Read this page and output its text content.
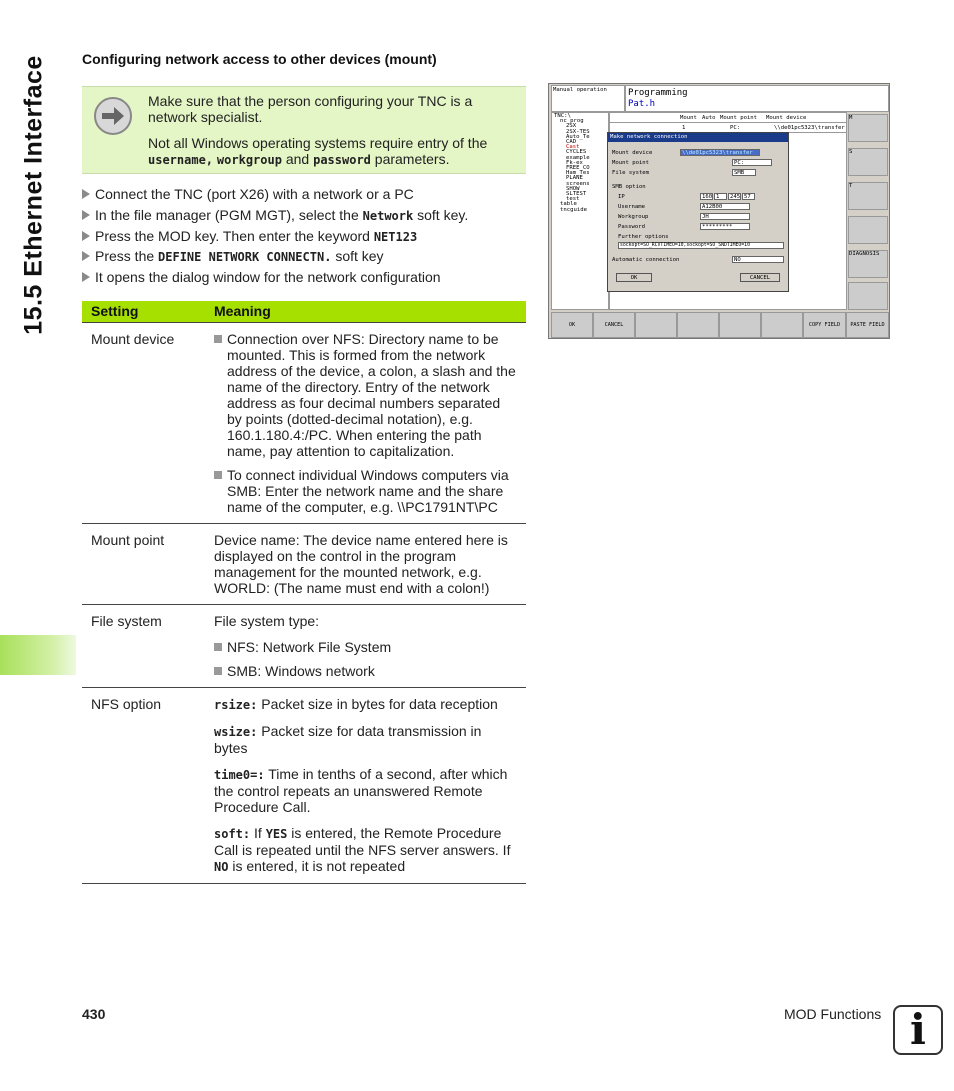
15.5 Ethernet Interface Configuring network access to other devices (mount)

Make sure that the person configuring your TNC is a network specialist.

Not all Windows operating systems require entry of the username, workgroup and password parameters.

Connect the TNC (port X26) with a network or a PC
In the file manager (PGM MGT), select the Network soft key.
Press the MOD key. Then enter the keyword NET123
Press the DEFINE NETWORK CONNECTN. soft key
It opens the dialog window for the network configuration
Setting	Meaning
Mount device	Connection over NFS: Directory name to be mounted. This is formed from the network address of the device, a colon, a slash and the name of the directory. Entry of the network address as four decimal numbers separated by points (dotted-decimal notation), e.g. 160.1.180.4:/PC. When entering the path name, pay attention to capitalization.
To connect individual Windows computers via SMB: Enter the network name and the share name of the computer, e.g. \\PC1791NT\PC
Mount point	Device name: The device name entered here is displayed on the control in the program management for the mounted network, e.g. WORLD: (The name must end with a colon!)
File system	File system type:
NFS: Network File System
SMB: Windows network
NFS option	rsize: Packet size in bytes for data reception
wsize: Packet size for data transmission in bytes
time0=: Time in tenths of a second, after which the control repeats an unanswered Remote Procedure Call.
soft: If YES is entered, the Remote Procedure Call is repeated until the NFS server answers. If NO is entered, it is not repeated
Manual operation	Programming
Pat.h
TNC:\
nc_prog
2SX
2SX-TES
Auto_Te
CAD
Cast
CYCLES
example
Fk-ex
FREE_CO
Ham_Tes
PLANE
screens
SHOW
SLTEST
test
table
tncguide
Mount Auto Mount point Mount device
1	PC:	\\de01pc5323\transfer
Make network connection
Mount device	\\de01pc5323\transfer
Mount point	PC:
File system	SMB
SMB option
IP	160 1	245 57
Username	A12B00
Workgroup	JH
Password	*********
Further options
sockopt=SO_RCVTIMEO=10,sockopt=SO_SNDTIMEO=10
Automatic connection	NO
OK	CANCEL
M
S
T
DIAGNOSIS
OK	CANCEL	COPY FIELD	PASTE FIELD
430	MOD Functions i
